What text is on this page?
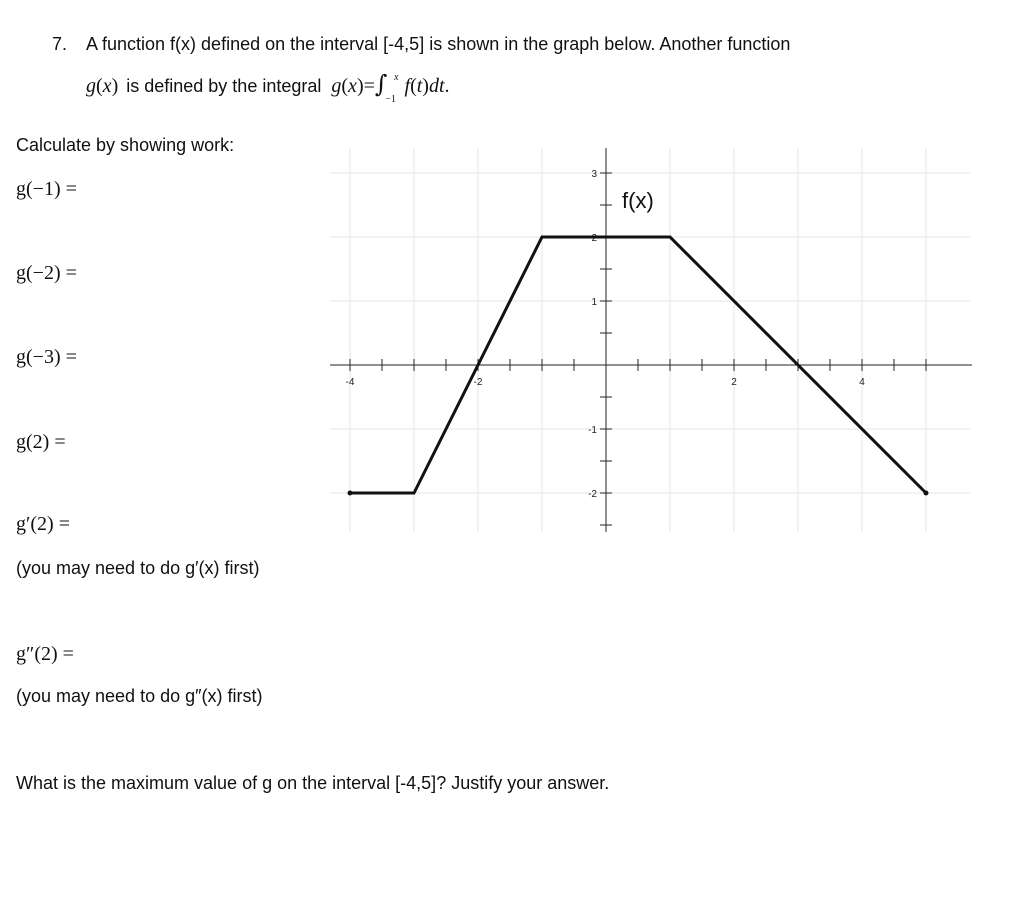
7. A function f(x) defined on the interval [-4,5] is shown in the graph below. Another function
g ( x ) is defined by the integral g ( x )= ∫
−1
x f ( t ) dt .
Calculate by showing work:
g(−1) =
g(−2) =
g(−3) =
g(2) =
g′(2) =
(you may need to do g′(x) first)
g″(2) =
(you may need to do g″(x) first)
What is the maximum value of g on the interval [-4,5]? Justify your answer.
-4	-2	2	4
3
2
1
-1
-2
f(x)
